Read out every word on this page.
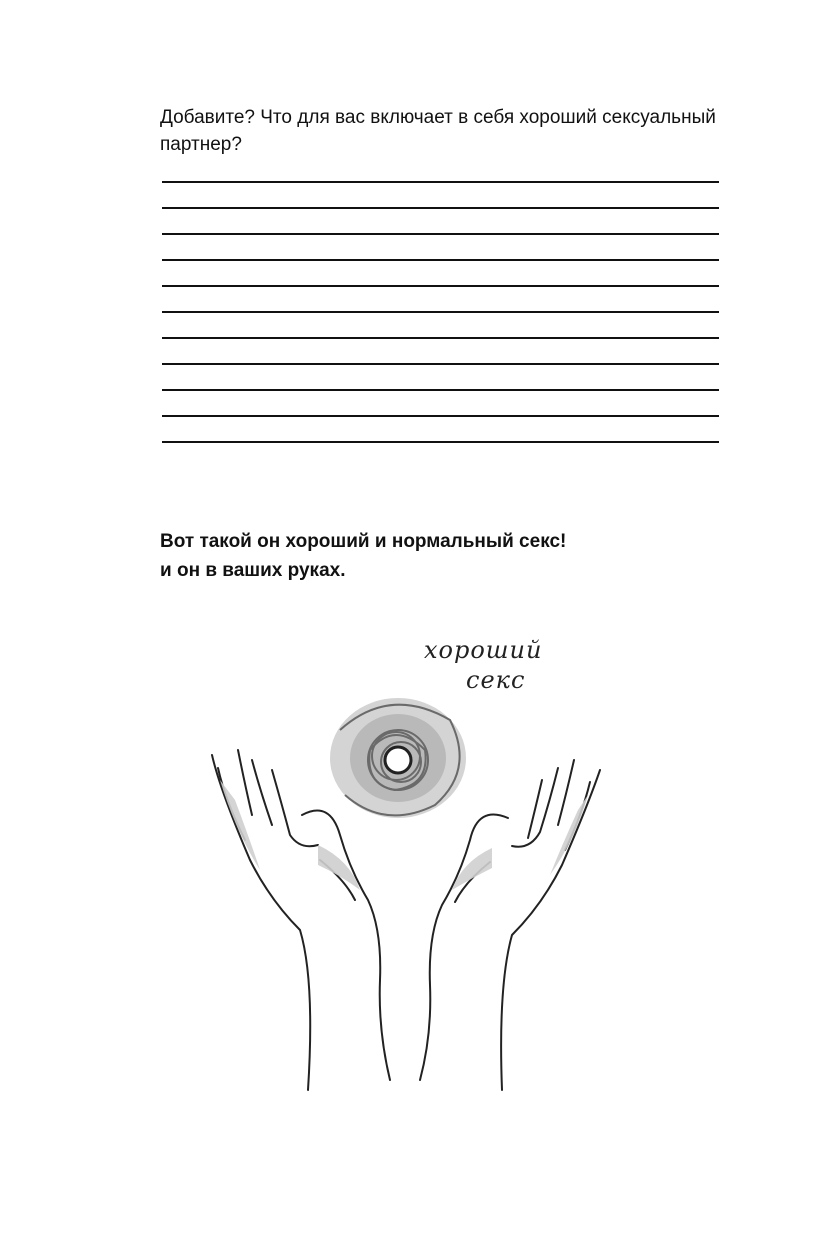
Добавите? Что для вас включает в себя хороший сексуальный партнер?
Вот такой он хороший и нормальный секс!
и он в ваших руках.
хороший
секс
